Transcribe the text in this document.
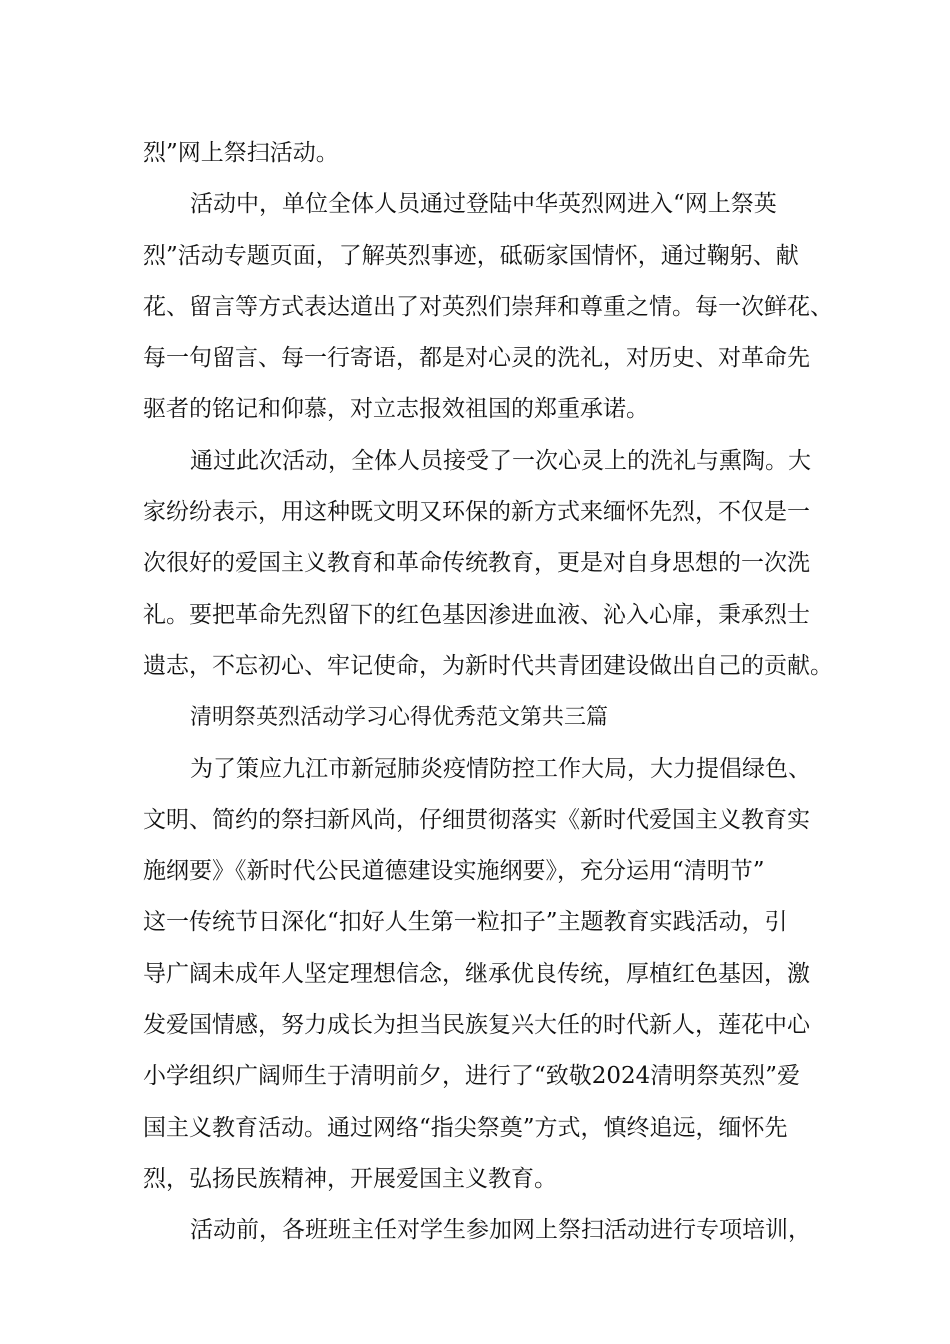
烈”网上祭扫活动。
活动中，单位全体人员通过登陆中华英烈网进入“网上祭英
烈”活动专题页面，了解英烈事迹，砥砺家国情怀，通过鞠躬、献
花、留言等方式表达道出了对英烈们崇拜和尊重之情。每一次鲜花、
每一句留言、每一行寄语，都是对心灵的洗礼，对历史、对革命先
驱者的铭记和仰慕，对立志报效祖国的郑重承诺。
通过此次活动，全体人员接受了一次心灵上的洗礼与熏陶。大
家纷纷表示，用这种既文明又环保的新方式来缅怀先烈，不仅是一
次很好的爱国主义教育和革命传统教育，更是对自身思想的一次洗
礼。要把革命先烈留下的红色基因渗进血液、沁入心扉，秉承烈士
遗志，不忘初心、牢记使命，为新时代共青团建设做出自己的贡献。
清明祭英烈活动学习心得优秀范文第共三篇
为了策应九江市新冠肺炎疫情防控工作大局，大力提倡绿色、
文明、简约的祭扫新风尚，仔细贯彻落实《新时代爱国主义教育实
施纲要》《新时代公民道德建设实施纲要》，充分运用“清明节”
这一传统节日深化“扣好人生第一粒扣子”主题教育实践活动，引
导广阔未成年人坚定理想信念，继承优良传统，厚植红色基因，激
发爱国情感，努力成长为担当民族复兴大任的时代新人，莲花中心
小学组织广阔师生于清明前夕，进行了“致敬2024清明祭英烈”爱
国主义教育活动。通过网络“指尖祭奠”方式，慎终追远，缅怀先
烈，弘扬民族精神，开展爱国主义教育。
活动前，各班班主任对学生参加网上祭扫活动进行专项培训，
